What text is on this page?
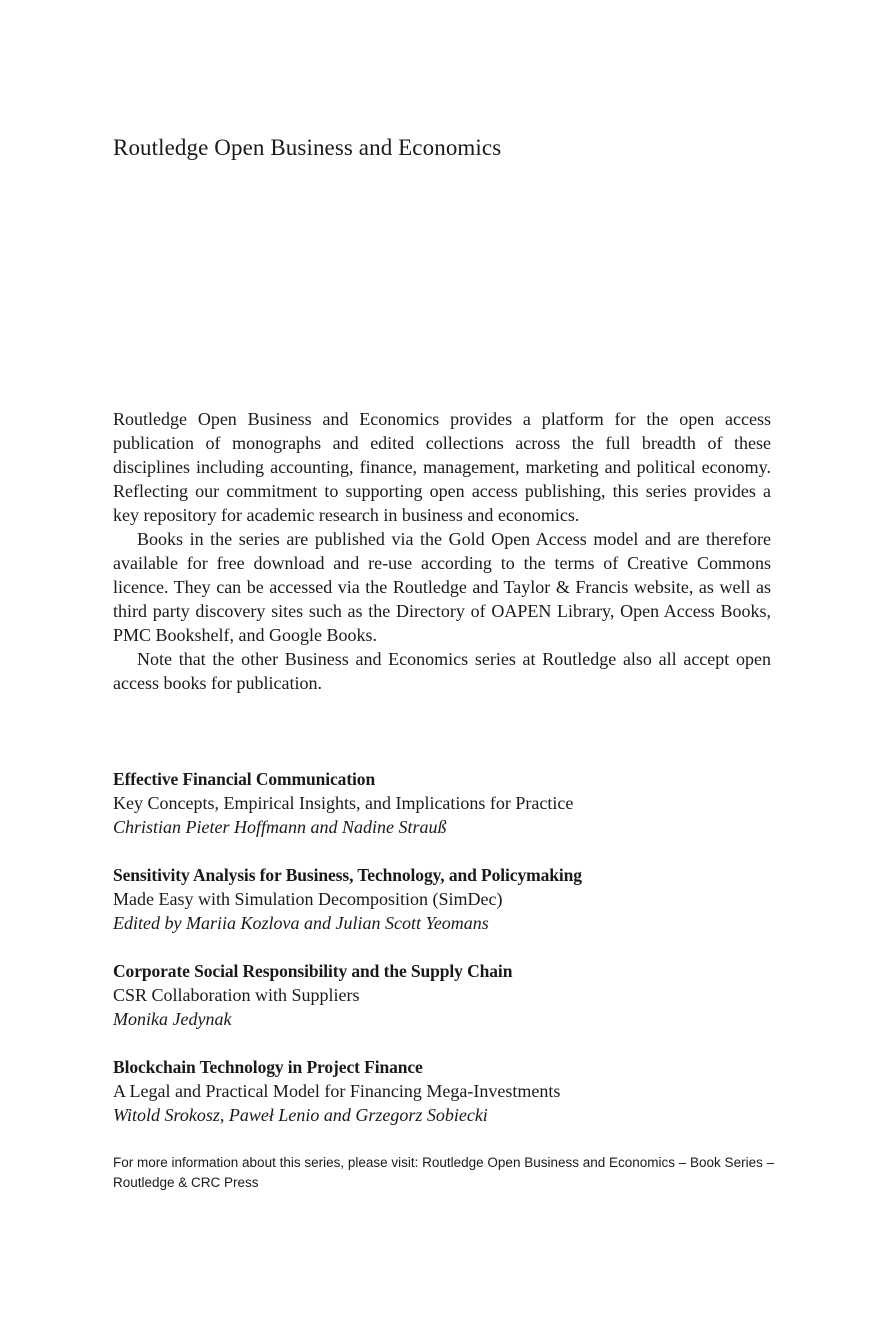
Routledge Open Business and Economics

Routledge Open Business and Economics provides a platform for the open access publication of monographs and edited collections across the full breadth of these disciplines including accounting, finance, management, marketing and political economy. Reflecting our commitment to supporting open access publishing, this series provides a key repository for academic research in business and economics.

Books in the series are published via the Gold Open Access model and are therefore available for free download and re-use according to the terms of Creative Commons licence. They can be accessed via the Routledge and Taylor & Francis website, as well as third party discovery sites such as the Directory of OAPEN Library, Open Access Books, PMC Bookshelf, and Google Books.

Note that the other Business and Economics series at Routledge also all accept open access books for publication.

Effective Financial Communication
Key Concepts, Empirical Insights, and Implications for Practice
Christian Pieter Hoffmann and Nadine Strauß
Sensitivity Analysis for Business, Technology, and Policymaking
Made Easy with Simulation Decomposition (SimDec)
Edited by Mariia Kozlova and Julian Scott Yeomans
Corporate Social Responsibility and the Supply Chain
CSR Collaboration with Suppliers
Monika Jedynak
Blockchain Technology in Project Finance
A Legal and Practical Model for Financing Mega-Investments
Witold Srokosz, Paweł Lenio and Grzegorz Sobiecki

For more information about this series, please visit: Routledge Open Business and Economics – Book Series – Routledge & CRC Press
